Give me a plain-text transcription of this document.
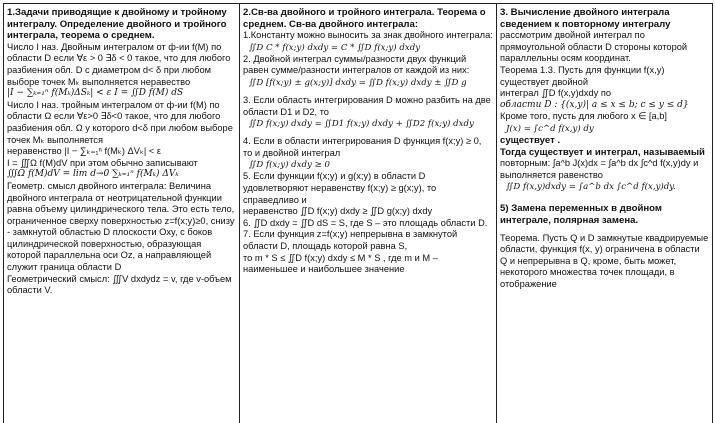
1.Задачи приводящие к двойному и тройному интегралу. Определение двойного и тройного интеграла, теорема о среднем.

Число I наз. Двойным интегралом от ф-ии f(M) по области D если ∀ε > 0 ∃δ < 0 такое, что для любого разбиения обл. D с диаметром d< δ при любом выборе точек Mₖ выполняется неравество

|I − ∑ₖ₌₁ⁿ f(Mₖ)ΔSₖ| < ε I = ∬D f(M) dS

Число I наз. тройным интегралом от ф-ии f(M) по области Ω если ∀ε>0 ∃δ<0 такое, что для любого разбиения обл. Ω у которого d<δ при любом выборе точек Mₖ выполняется

неравенство |I − ∑ₖ₌₁ⁿ f(Mₖ) ΔVₖ| < ε

I = ∭Ω f(M)dV при этом обычно записывают

∭Ω f(M)dV = lim d→0 ∑ₖ₌₁ⁿ f(Mₖ) ΔVₖ

Геометр. смысл двойного интеграла: Величина двойного интеграла от неотрицательной функции равна объему цилиндрического тела. Это есть тело, ограниченное сверху поверхностью z=f(x;y)≥0, снизу - замкнутой областью D плоскости Oxy, с боков цилиндрической поверхностью, образующая которой параллельна оси Oz, а направляющей служит граница области D

Геометрический смысл: ∭V dxdydz = v, где v-объем области V.

2.Св-ва двойного и тройного интеграла. Теорема о среднем. Св-ва двойного интеграла:

1.Константу можно выносить за знак двойного интеграла:

∬D C * f(x;y) dxdy = C * ∬D f(x;y) dxdy

2. Двойной интеграл суммы/разности двух функций равен сумме/разности интегралов от каждой из них:

∬D [f(x;y) ± g(x;y)] dxdy = ∬D f(x;y) dxdy ± ∬D g

3. Если область интегрирования D можно разбить на две области D1 и D2, то

∬D f(x;y) dxdy = ∬D1 f(x;y) dxdy + ∬D2 f(x;y) dxdy

4. Если в области интегрирования D функция f(x;y) ≥ 0, то и двойной интеграл

∬D f(x;y) dxdy ≥ 0

5. Если функции f(x;y) и g(x;y) в области D удовлетворяют неравенству f(x;y) ≥ g(x;y), то справедливо и

неравенство ∬D f(x;y) dxdy ≥ ∬D g(x;y) dxdy

6. ∬D dxdy = ∬D dS = S, где S – это площадь области D.

7. Если функция z=f(x;y) непрерывна в замкнутой области D, площадь которой равна S,

то m * S ≤ ∬D f(x;y) dxdy ≤ M * S , где m и M –

наименьшее и наибольшее значение

3. Вычисление двойного интеграла сведением к повторному интегралу

рассмотрим двойной интеграл по прямоугольной области D стороны которой параллельны осям координат.

Теорема 1.3. Пусть для функции f(x,y) существует двойной

интеграл ∬D f(x,y)dxdy по

области D : {(x,y)| a ≤ x ≤ b; c ≤ y ≤ d}

Кроме того, пусть для любого x ∈ [a,b]

J(x) = ∫c^d f(x,y) dy

существует .

Тогда существует и интеграл, называемый

повторным: ∫a^b J(x)dx = ∫a^b dx ∫c^d f(x,y)dy и

выполняется равенство

∬D f(x,y)dxdy = ∫a^b dx ∫c^d f(x,y)dy.

5) Замена переменных в двойном интеграле, полярная замена.

Теорема. Пусть Q и D замкнутые квадрируемые области, функция f(x, y) ограничена в области Q и непрерывна в Q, кроме, быть может, некоторого множества точек площади, в отображение
